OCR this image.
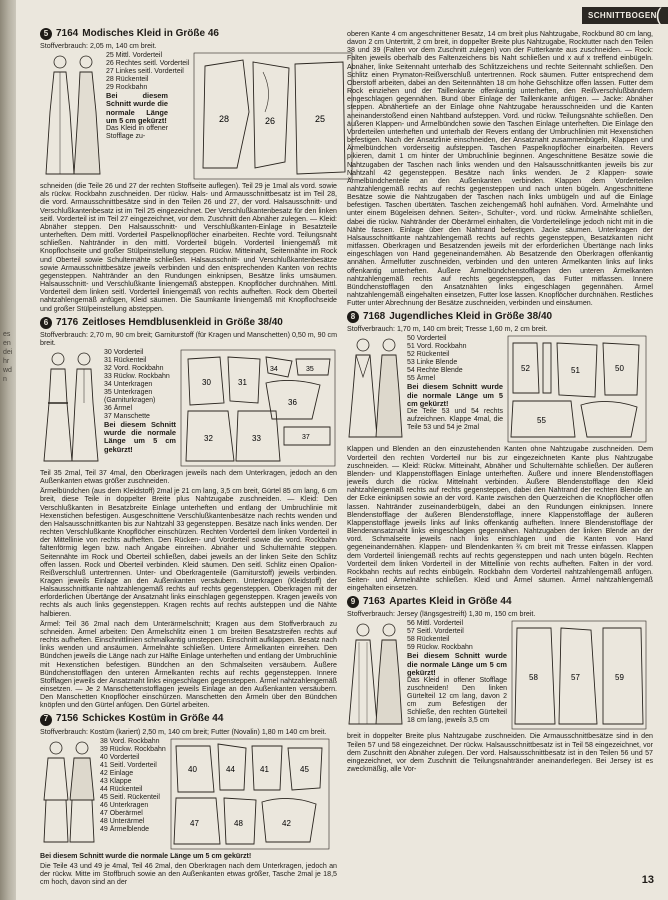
esendeihrwdn
SCHNITTBOGEN
(
5 7164 Modisches Kleid in Größe 46
Stoffverbrauch: 2,05 m, 140 cm breit.
25 Mittl. Vorderteil
26 Rechtes seitl. Vorderteil
27 Linkes seitl. Vorderteil
28 Rückenteil
29 Rockbahn
Bei diesem Schnitt wurde die normale Länge um 5 cm gekürzt!
Das Kleid in offener Stofflage zu-
28	26	25
schneiden (die Teile 26 und 27 der rechten Stoffseite auflegen). Teil 29 je 1mal als vord. sowie als rückw. Rockbahn zuschneiden. Der rückw. Hals- und Armausschnittbesatz ist im Teil 28, die vord. Armausschnittbesätze sind in den Teilen 26 und 27, der vord. Halsausschnitt- und Verschlußkantenbesatz ist im Teil 25 eingezeichnet. Der Verschlußkantenbesatz für den linken seitl. Vorderteil ist im Teil 27 eingezeichnet, vor dem. Zuschnitt den Abnäher zulegen. — Kleid: Abnäher steppen. Den Halsausschnitt- und Verschlußkanten-Einlage in Besatzteile unterheften. Dem mittl. Vorderteil Paspelknopflöcher einarbeiten. Rechte vord. Teilungsnaht schließen. Nahtränder in den mittl. Vorderteil bügeln. Vorderteil liniengemäß mit Knopflochseite und großer Stülpeinstellung steppen. Rückw. Mitteinaht, Seitennähte im Rock und Oberteil sowie Schulternähte schließen. Halsausschnitt- und Verschlußkantenbesätze sowie Armausschnittbesätze jeweils verbinden und den entsprechenden Kanten von rechts gegensteppen. Nahtränder an den Rundungen einknipsen, Besätze links umsäumen. Halsausschnitt- und Verschlußkante liniengemäß absteppen. Knopflöcher durchnähen. Mittl. Vorderteil dem linken seitl. Vorderteil liniengemäß von rechts aufheften. Rock dem Oberteil nahtzahlengemäß anfügen, Kleid säumen. Die Saumkante liniengemäß mit Knopflochseide und großer Stülpeinstellung absteppen.
6 7176 Zeitloses Hemdblusenkleid in Größe 38/40
Stoffverbrauch: 2,70 m, 90 cm breit; Garniturstoff (für Kragen und Manschetten) 0,50 m, 90 cm breit.
30 Vorderteil
31 Rückenteil
32 Vord. Rockbahn
33 Rückw. Rockbahn
34 Unterkragen
35 Unterkragen
(Garniturkragen)
36 Ärmel
37 Manschette
Bei diesem Schnitt wurde die normale Länge um 5 cm gekürzt!
30	31
34	35
36
32	33	37
Teil 35 2mal, Teil 37 4mal, den Oberkragen jeweils nach dem Unterkragen, jedoch an den Außenkanten etwas größer zuschneiden.
Ärmelbündchen (aus dem Kleidstoff) 2mal je 21 cm lang, 3,5 cm breit, Gürtel 85 cm lang, 6 cm breit, diese Teile in doppelter Breite plus Nahtzugabe zuschneiden. — Kleid: Den Verschlußkanten in Besatzbreite Einlage unterheften und entlang der Umbruchlinie mit Hexenstichen befestigen. Ausgeschnittene Verschlußkantenbesätze nach rechts wenden und den Halsausschnittkanten bis zur Nahtzahl 33 gegensteppen. Besätze nach links wenden. Der rechten Verschlußkante Knopflöcher einschürzen. Rechten Vorderteil dem linken Vorderteil in der Mittellinie von rechts aufheften. Den Rücken- und Vorderteil sowie die vord. Rockbahn faltenförmig legen bzw. nach Angabe einreihen. Abnäher und Schulternähte steppen. Seitennähte im Rock und Oberteil schließen, dabei jeweils an der linken Seite den Schlitz offen lassen. Rock und Oberteil verbinden. Kleid säumen. Den seitl. Schlitz einen Opalion-Reißverschluß untertrennen. Unter- und Oberkragenteile (Garniturstoff) jeweils verbinden. Kragen jeweils Einlage an den Außenkanten versäubern. Unterkragen (Kleidstoff) der Halsausschnittkante nahtzahlengemäß rechts auf rechts gegensteppen. Oberkragen mit der erforderlichen Übertänge der Ansatznaht links einschlagen gegensteppen. Kragen jeweils von rechts als auch links gegensteppen. Kragen rechts auf rechts aufsteppen und die Nähte halbieren.
Ärmel: Teil 36 2mal nach dem Unterärmelschnitt; Kragen aus dem Stoffverbrauch zu schneiden. Ärmel arbeiten: Den Ärmelschlitz einen 1 cm breiten Besatzstreifen rechts auf rechts aufheften. Einschnittlinien schmalkantig umsteppen. Einschnitt aufklappen. Besatz nach links wenden und ansäumen. Ärmelnähte schließen. Untere Ärmelkanten einreihen. Den Bündchen jeweils die Länge nach zur Hälfte Einlage unterheften und entlang der Umbruchlinie mit Hexenstichen befestigen. Bündchen an den Schmalseiten versäubern. Äußere Bündchenstofflagen den unteren Ärmelkanten rechts auf rechts gegensteppen. Innere Stofflagen jeweils der Ansatznaht links eingeschlagen gegensteppen. Ärmel nahtzahlengemäß einsetzen. — Je 2 Manschettenstofflagen jeweils Einlage an den Außenkanten versäubern. Den Manschetten Knopflöcher einschürzen. Manschetten den Ärmeln über den Bündchen knöpfen und den Gürtel anfügen. Den Gürtel arbeiten.
7 7156 Schickes Kostüm in Größe 44
Stoffverbrauch: Kostüm (kariert) 2,50 m, 140 cm breit; Futter (Novalin) 1,80 m 140 cm breit.
38 Vord. Rockbahn
39 Rückw. Rockbahn
40 Vorderteil
41 Seitl. Vorderteil
42 Einlage
43 Klappe
44 Rückenteil
45 Seitl. Rückenteil
46 Unterkragen
47 Oberärmel
48 Unterärmel
49 Ärmelblende
40	44	41	45
47	48	42
Bei diesem Schnitt wurde die normale Länge um 5 cm gekürzt!
Die Teile 43 und 49 je 4mal, Teil 46 2mal, den Oberkragen nach dem Unterkragen, jedoch an der rückw. Mitte im Stoffbruch sowie an den Außenkanten etwas größer, Tasche 2mal je 18,5 cm hoch, davon sind an der
oberen Kante 4 cm angeschnittener Besatz, 14 cm breit plus Nahtzugabe, Rockbund 80 cm lang, davon 2 cm Untertritt, 2 cm breit, in doppelter Breite plus Nahtzugabe, Rocktutter nach den Teilen 38 und 39 (Falten vor dem Zuschnitt zulegen) von der Futterkante aus zuschneiden. — Rock: Falten jeweils oberhalb des Faltenzeichens bis Naht schließen und x auf x treffend einbügeln. Abnäher, linke Seitennaht unterhalb des Schlitzzeichens und rechte Seitennaht schließen. Den Schlitz einen Prymaton-Reißverschluß untertrennen. Rock säumen. Futter entsprechend dem Oberstoff arbeiten, dabei an den Seitennähten 18 cm hohe Gehschlitze offen lassen. Futter dem Rock einziehen und der Taillenkante offenkantig unterheften, den Reißverschlußbändern eingeschlagen gegennähen. Bund über Einlage der Taillenkante anfügen. — Jacke: Abnäher steppen. Abnähertiefe an der Einlage ohne Nahtzugabe herausschneiden und die Kanten aneinanderstoßend einen Nahtband aufsteppen. Vord. und rückw. Teilungsnähte schließen. Den äußeren Klappen- und Ärmelbündchen sowie den Taschen Einlage unterheften. Die Einlage den Vorderteilen unterheften und unterhalb der Revers entlang der Umbruchlinien mit Hexenstichen befestigen. Nach der Ansatzlinie einschneiden, der Ansatznaht zusammenbügeln, Klappen und Ärmelbündchen vorderseitig aufsteppen. Taschen Paspelknopflöcher einarbeiten. Revers pikieren, damit 1 cm hinter der Umbruchlinie beginnen. Angeschnittene Besätze sowie die Nahtzugaben der Taschen nach links wenden und den Halsausschnittkanten jeweils bis zur Nahtzahl 42 gegensteppen. Besätze nach links wenden. Je 2 Klappen- sowie Ärmelbündchenteile an den Außenkanten verbinden. Klappen dem Vorderteilen nahtzahlengemäß rechts auf rechts gegensteppen und nach unten bügeln. Angeschnittene Besätze sowie die Nahtzugaben der Taschen nach links umbügeln und auf die Einlage befestigen. Taschen übertäten. Taschen zeichengemäß hohl aufnähen. Vord. Ärmelnähte und unter einem Bügeleisen dehnen. Seiten-, Schulter-, vord. und rückw. Ärmelnähte schließen, dabei die rückw. Nahtränder der Oberärmel einhalten, die Vorderteilelinge jedoch nicht mit in die Nähte fassen. Einlage über den Nahtrand befestigen. Jacke säumen. Unterkragen der Halsausschnittkante nahtzahlengemäß rechts auf rechts gegensteppen, Besatzkanten nicht mitfassen. Oberkragen und Besatzenden jeweils mit der erforderlichen Übertänge nach links eingeschlagen von Hand gegeneinandernähen. Ab Besatzende den Oberkragen offenkantig annähen. Ärmelfutter zuschneiden, verbinden und den unteren Ärmelkanten links auf links offenkantig unterheften. Äußere Ärmelbündchenstofflagen den unteren Ärmelkanten nahtzahlengemäß rechts auf rechts gegensteppen, das Futter mitfassen. Innere Bündchenstofflagen den Ansatznähten links eingeschlagen gegennähen. Ärmel nahtzahlengemäß eingehalten einsetzen, Futter lose lassen. Knopflöcher durchnähen. Restliches Futter unter Abrechnung der Besätze zuschneiden, verbinden und einsäumen.
8 7168 Jugendliches Kleid in Größe 38/40
Stoffverbrauch: 1,70 m, 140 cm breit; Tresse 1,60 m, 2 cm breit.
50 Vorderteil
51 Vord. Rockbahn
52 Rückenteil
53 Linke Blende
54 Rechte Blende
55 Ärmel
Bei diesem Schnitt wurde die normale Länge um 5 cm gekürzt!
Die Teile 53 und 54 rechts aufzeichnen. Klappe 4mal, die Teile 53 und 54 je 2mal
52	51	50
55
Klappen und Blenden an den einzustehenden Kanten ohne Nahtzugabe zuschneiden. Dem Vorderteil den rechten Vorderteil nur bis zur eingezeichneten Kante plus Nahtzugabe zuschneiden. — Kleid: Rückw. Mitteinaht, Abnäher und Schulternähte schließen. Der äußeren Blenden- und Klappenstofflagen Einlage unterheften. Äußere und innere Blendenstofflagen jeweils durch die rückw. Mittelnaht verbinden. Äußere Blendenstofflage den Kleid nahtzahlengemäß rechts auf rechts gegensteppen, dabei den Nahtrand der rechten Blende an der Ecke einknipsen sowie an der vord. Kante zwischen den Querzeichen die Knopflöcher offen lassen. Nahtränder zuseinanderbügeln, dabei an den Rundungen einknipsen. Innere Blendenstofflage der äußeren Blendenstofflage, innere Klappenstofflage der äußeren Klappenstofflage jeweils links auf links offenkantig aufheften. Innere Blendenstofflage der Blendenansatznaht links eingeschlagen gegennähen. Nahtzugaben der linken Blende an der vord. Schmalseite jeweils nach links einschlagen und die Kanten von Hand gegeneinandernähen. Klappen- und Blendenkanten ¾ cm breit mit Tresse einfassen. Klappen dem Vorderteil liniengemäß rechts auf rechts gegensteppen und nach unten bügeln. Rechten Vorderteil dem linken Vorderteil in der Mittellinie von rechts aufheften. Falten in der vord. Rockbahn rechts auf rechts einbügeln. Rockbahn dem Vorderteil nahtzahlengemäß anfügen. Seiten- und Ärmelnähte schließen. Kleid und Ärmel säumen. Ärmel nahtzahlengemäß eingehalten einsetzen.
9 7163 Apartes Kleid in Größe 44
Stoffverbrauch: Jersey (längsgestreift) 1,30 m, 150 cm breit.
56 Mittl. Vorderteil
57 Seitl. Vorderteil
58 Rückenteil
59 Rückw. Rockbahn
Bei diesem Schnitt wurde die normale Länge um 5 cm gekürzt!
Das Kleid in offener Stofflage zuschneiden! Den linken Gürtelteil 12 cm lang, davon 2 cm zum Befestigen der Schließe, den rechten Gürtelteil 18 cm lang, jeweils 3,5 cm
58	57	59
breit in doppelter Breite plus Nahtzugabe zuschneiden. Die Armausschnittbesätze sind in den Teilen 57 und 58 eingezeichnet. Der rückw. Halsausschnittbesatz ist in Teil 58 eingezeichnet, vor dem Zuschnitt den Abnäher zulegen. Der vord. Halsausschnittbesatz ist in den Teilen 56 und 57 eingezeichnet, vor dem Zuschnitt die Teilungsnahtränder aneinanderlegen. Bei Jersey ist es zweckmäßig, alle Vor-
13
